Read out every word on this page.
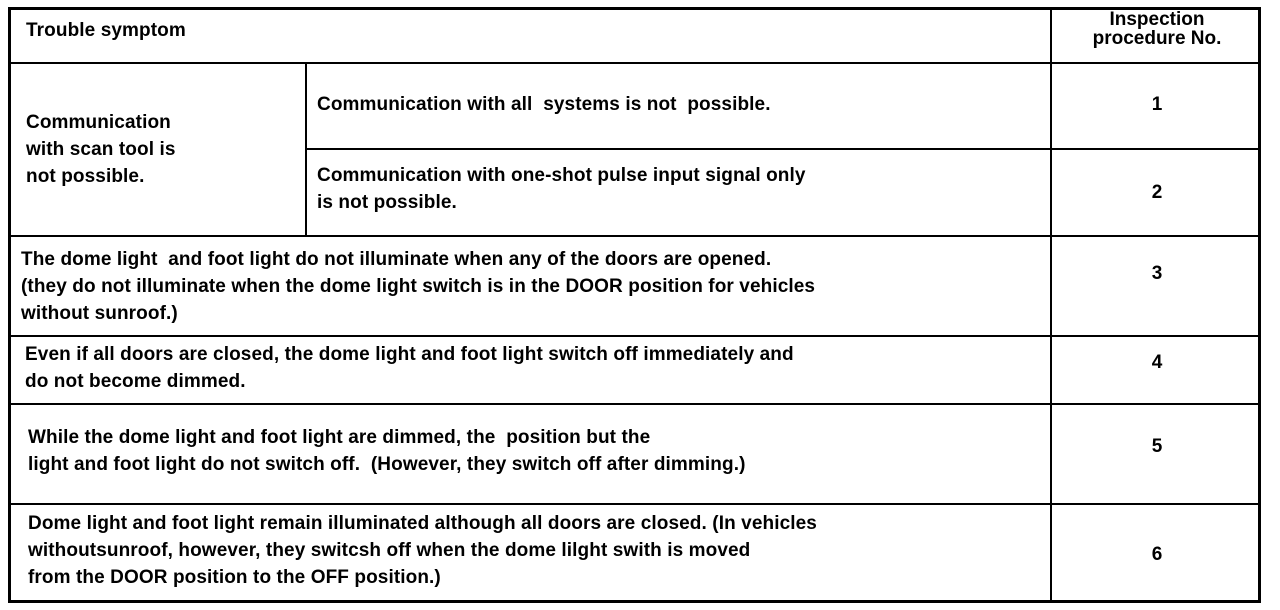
Trouble symptom
Inspection
procedure No.
Communication
with scan tool is
not possible.
Communication with all  systems is not  possible.	1
Communication with one-shot pulse input signal only
is not possible.	2
The dome light  and foot light do not illuminate when any of the doors are opened.
(they do not illuminate when the dome light switch is in the DOOR position for vehicles
without sunroof.)
3
Even if all doors are closed, the dome light and foot light switch off immediately and
do not become dimmed.
4
While the dome light and foot light are dimmed, the  position but the
light and foot light do not switch off.  (However, they switch off after dimming.)
5
Dome light and foot light remain illuminated although all doors are closed. (In vehicles
withoutsunroof, however, they switcsh off when the dome lilght swith is moved
from the DOOR position to the OFF position.)
6
